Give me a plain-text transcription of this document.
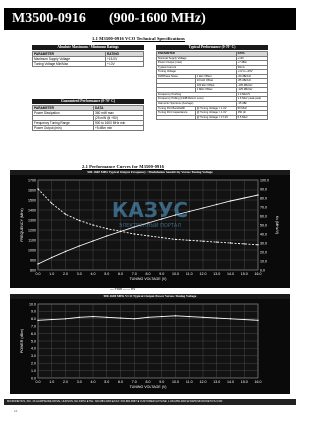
M3500-0916 (900-1600 MHz)
1.1 M3500-0916 VCO Technical Specifications
Absolute Maximum / Minimum Ratings
PARAMETER	RATING
Maximum Supply Voltage	+15.0V
Tuning Voltage Min/Max	+/-0V
Guaranteed Performance (0-70° C)
PARAMETER	DATA
Power Dissipation	360 mW max
	(25 mW @ +5V)
Frequency Tuning Range	900 to 1600 MHz min
Power Output (min)	+5 dBm min
Typical Performance (0-70° C)
PARAMETER		DATA
Nominal Supply Voltage		+12V
Power Output (max)		+7 dBm
Typical Current		30mA
Tuning Voltage		+1V to +15V
FM/Phase Noise	1 kHz Offset	-60 dBc/Hz
	10 kHz Offset	-85 dBc/Hz
	100 kHz Offset	-105 dBc/Hz
	1 MHz Offset	-125 dBc/Hz
Frequency Pushing		1.0 MHz/V
Frequency Pulling (12dB Return Loss)		1.6 MHz peak-peak
Harmonic Spurious (Average)		-15 dBc
Tuning Port Bandwidth	@ Tuning Voltage = 1.0V	50 MHz
Tuning Port Capacitance	@ Tuning Voltage = 1.0V	150 pF
	@ Tuning Voltage = 17.0V	6.5 MHz
2.1 Performance Curves for M3500-0916
900-1600 MHz Typical Output Frequency / Modulation Sensitivity Versus Tuning Voltage
0.0 1.0 2.0 3.0 4.0 5.0 6.0 7.0 8.0 9.0 10.0 11.0 12.0 13.0 14.0 15.0 16.0
800
900
1000
1100
1200
1300
1400
1500
1600
1700
0.0
10.0
20.0
30.0
40.0
50.0
60.0
70.0
80.0
90.0
100.0
TUNING VOLTAGE (V)
FREQUENCY (MHz)	Kv (MHz/V)
КАЗУС
ЭЛЕКТРОННЫЙ ПОРТАЛ
900-1600 MHz VCO Typical Output Power Versus Tuning Voltage
0.0 1.0 2.0 3.0 4.0 5.0 6.0 7.0 8.0 9.0 10.0 11.0 12.0 13.0 14.0 15.0 16.0
0.0
1.0
2.0
3.0
4.0
5.0
6.0
7.0
8.0
9.0
10.0
TUNING VOLTAGE (V)
POWER (dBm)
MICRONETICS, INC. 26 HAMPSHIRE DRIVE, HUDSON, NH 03051 ■ TEL: 603-883-2900 ■ FAX: 603-882-8987 ■ CUSTOMER HOTLINE: 1-603-883-2900 ■ WWW.MICRONETICS.COM
16
— Fout ------ Kv
